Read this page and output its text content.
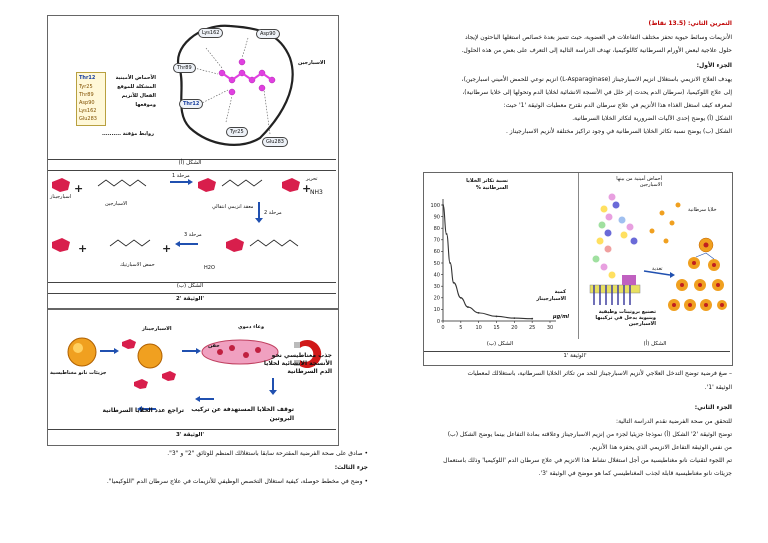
التمرين الثاني: (13.5 نقاط)
الأنزيمات وسائط حيوية تحفز مختلف التفاعلات في العضوية، حيث تتميز بعدة خصائص استغلها الباحثون لإيجاد
حلول علاجية لبعض الأورام السرطانية كاللوكيميا، تهدف الدراسة التالية إلى التعرف على بعض من هذه الحلول.
الجزء الأول:
يهدف العلاج الانزيمي باستغلال انزيم الاسبارجيناز (L-Asparaginase) انزيم نوعي للحمض الأميني اسبارجين)،
إلى علاج اللوكيميا، (سرطان الدم يحدث إثر خلل في الأنسجة الانشائية لخلايا الدم وتحولها إلى خلايا سرطانية)،
لمعرفة كيف استغل الغذاء هذا الأنزيم في علاج سرطان الدم نقترح معطيات الوثيقة '1' حيث:
الشكل (أ) يوضح إحدى الآليات الضرورية لتكاثر الخلايا السرطانية.
الشكل (ب) يوضح نسبة تكاثر الخلايا السرطانية في وجود تراكيز مختلفة لأنزيم الاسبارجيناز .
0
10
20
30
40
50
60
70
80
90
100
0	5	10 15 20 25 30
نسبة تكاثر الخلايا السرطانية %
كمية الاسبارجيناز
µg/ml
أحماض أمينية من بينها الاسبارجين
خلايا سرطانية
تغذية
تصنيع بروتينات وظيفية وبنيوية يدخل في تركيبها الاسبارجين
الشكل (ب)	الشكل (أ)
الوثيقة '1'
– صغ فرضية توضح التدخل العلاجي لأنزيم الاسبارجيناز للحد من تكاثر الخلايا السرطانية، باستغلالك لمعطيات
الوثيقة '1'.
الجزء الثاني:
للتحقق من صحة الفرضية نقدم الدراسة التالية:
توضح الوثيقة '2' الشكل (أ) نموذجا جزيئيا لجزء من إنزيم الاسبارجيناز وعلاقته بمادة التفاعل بينما يوضح الشكل (ب)
من نفس الوثيقة التفاعل الانزيمي الذي يحفزه هذا الأنزيم.
تم اللجوء لتقنيات نانو مغناطيسية من أجل استغلال نشاط هذا الانزيم في علاج سرطان الدم 'اللوكيميا' وذلك باستعمال
جزيئات نانو مغناطيسية قابلة لجذب المغناطيسي كما هو موضح في الوثيقة '3'.
Thr12
Tyr25
Thr89
Asp90
Lys162
Glu283
الأحماض الأمينية المشكلة للموقع الفعال للأنزيم وموقعها
روابط مؤقتة ..........
Lys162	Asp90
Thr89
Thr12
Tyr25
Glu283
الاسبارجين
الشكل (أ)
+	+
+	+
مرحلة 1
مرحلة 2
مرحلة 3
اسبارجيناز
الاسبارجين	معقد انزيمي انتقالي
حمض الاسبارتيك
تحرير
NH3
H2O
الشكل (ب)
الوثيقة '2'
جزيئات نانو مغناطيسية
الاسبارجيناز	وعاء دموي
حقن
جذب مغناطيسي نحو الأنسجة الانشائية لخلايا الدم السرطانية
توقف الخلايا المستهدفة عن تركيب البروتين
تراجع عدد الخلايا السرطانية
الوثيقة '3'
• صادق على صحة الفرضية المقترحة سابقا باستغلالك المنظم للوثائق "2" و "3".
جزء الثالث:
• وضح في مخطط حوصلة، كيفية استغلال التخصص الوظيفي للأنزيمات في علاج سرطان الدم "اللوكيميا".
